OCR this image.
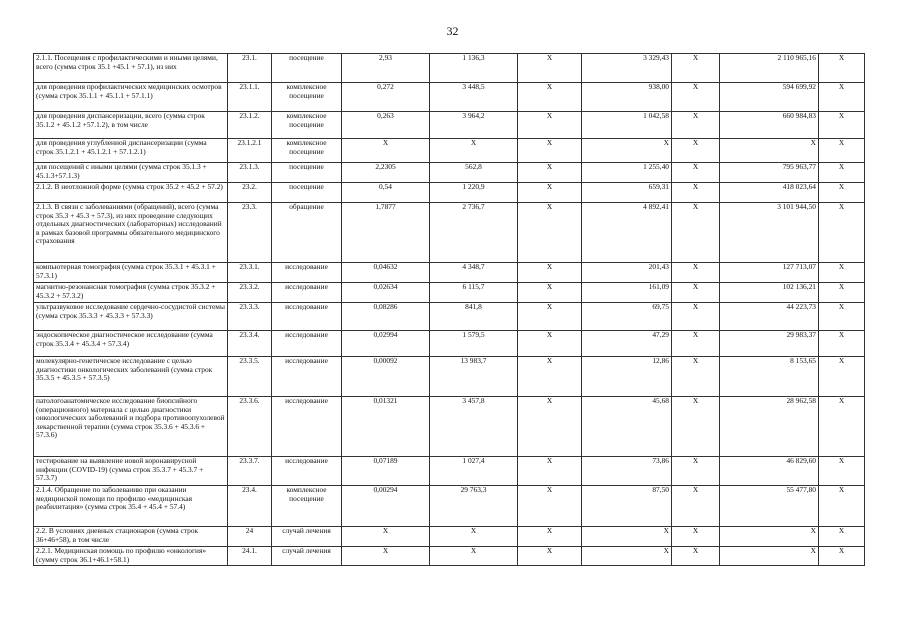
32
2.1.1. Посещения с профилактическими и иными целями, всего (сумма строк 35.1 +45.1 + 57.1), из них	23.1.	посещение	2,93	1 136,3	X	3 329,43	X	2 110 965,16	X
для проведения профилактических медицинских осмотров (сумма строк 35.1.1 + 45.1.1 + 57.1.1)	23.1.1.	комплексное посещение	0,272	3 448,5	X	938,00	X	594 699,92	X
для проведения диспансеризации, всего (сумма строк 35.1.2 + 45.1.2 +57.1.2), в том числе	23.1.2.	комплексное посещение	0,263	3 964,2	X	1 042,58	X	660 984,83	X
для проведения углубленной диспансеризации (сумма строк 35.1.2.1 + 45.1.2.1 + 57.1.2.1)	23.1.2.1	комплексное посещение	X	X	X	X	X	X	X
для посещений с иными целями (сумма строк 35.1.3 + 45.1.3+57.1.3)	23.1.3.	посещение	2,2305	562,8	X	1 255,40	X	795 963,77	X
2.1.2. В неотложной форме (сумма строк 35.2 + 45.2 + 57.2)	23.2.	посещение	0,54	1 220,9	X	659,31	X	418 023,64	X
2.1.3. В связи с заболеваниями (обращений), всего (сумма строк 35.3 + 45.3 + 57.3), из них проведение следующих отдельных диагностических (лабораторных) исследований в рамках базовой программы обязательного медицинского страхования	23.3.	обращение	1,7877	2 736,7	X	4 892,41	X	3 101 944,50	X
компьютерная томография (сумма строк 35.3.1 + 45.3.1 + 57.3.1)	23.3.1.	исследование	0,04632	4 348,7	X	201,43	X	127 713,07	X
магнитно-резонансная томография (сумма строк 35.3.2 + 45.3.2 + 57.3.2)	23.3.2.	исследование	0,02634	6 115,7	X	161,09	X	102 136,21	X
ультразвуковое исследование сердечно-сосудистой системы (сумма строк 35.3.3 + 45.3.3 + 57.3.3)	23.3.3.	исследование	0,08286	841,8	X	69,75	X	44 223,73	X
эндоскопическое диагностическое исследование (сумма строк 35.3.4 + 45.3.4 + 57.3.4)	23.3.4.	исследование	0,02994	1 579,5	X	47,29	X	29 983,37	X
молекулярно-генетическое исследование с целью диагностики онкологических заболеваний (сумма строк 35.3.5 + 45.3.5 + 57.3.5)	23.3.5.	исследование	0,00092	13 983,7	X	12,86	X	8 153,65	X
патологоанатомическое исследование биопсийного (операционного) материала с целью диагностики онкологических заболеваний и подбора противоопухолевой лекарственной терапии (сумма строк 35.3.6 + 45.3.6 + 57.3.6)	23.3.6.	исследование	0,01321	3 457,8	X	45,68	X	28 962,58	X
тестирование на выявление новой коронавирусной инфекции (COVID-19) (сумма строк 35.3.7 + 45.3.7 + 57.3.7)	23.3.7.	исследование	0,07189	1 027,4	X	73,86	X	46 829,60	X
2.1.4. Обращение по заболеванию при оказании медицинской помощи по профилю «медицинская реабилитация» (сумма строк 35.4 + 45.4 + 57.4)	23.4.	комплексное посещение	0,00294	29 763,3	X	87,50	X	55 477,80	X
2.2. В условиях дневных стационаров (сумма строк 36+46+58), в том числе	24	случай лечения	X	X	X	X	X	X	X
2.2.1. Медицинская помощь по профилю «онкология» (сумму строк 36.1+46.1+58.1)	24.1.	случай лечения	X	X	X	X	X	X	X
